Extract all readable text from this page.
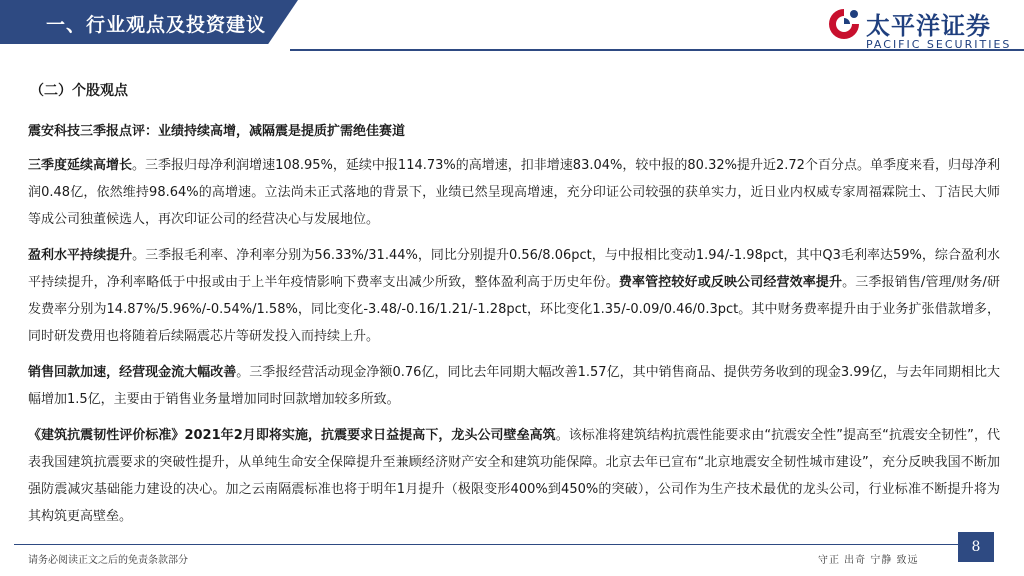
一、行业观点及投资建议	太平洋证券
PACIFIC SECURITIES
（二）个股观点

震安科技三季报点评：业绩持续高增，减隔震是提质扩需绝佳赛道

三季度延续高增长。三季报归母净利润增速108.95%，延续中报114.73%的高增速，扣非增速83.04%，较中报的80.32%提升近2.72个百分点。单季度来看，归母净利润0.48亿，依然维持98.64%的高增速。立法尚未正式落地的背景下，业绩已然呈现高增速，充分印证公司较强的获单实力，近日业内权威专家周福霖院士、丁洁民大师等成公司独董候选人，再次印证公司的经营决心与发展地位。

盈利水平持续提升。三季报毛利率、净利率分别为56.33%/31.44%，同比分别提升0.56/8.06pct，与中报相比变动1.94/-1.98pct，其中Q3毛利率达59%，综合盈利水平持续提升，净利率略低于中报或由于上半年疫情影响下费率支出减少所致，整体盈利高于历史年份。费率管控较好或反映公司经营效率提升。三季报销售/管理/财务/研发费率分别为14.87%/5.96%/-0.54%/1.58%，同比变化-3.48/-0.16/1.21/-1.28pct，环比变化1.35/-0.09/0.46/0.3pct。其中财务费率提升由于业务扩张借款增多，同时研发费用也将随着后续隔震芯片等研发投入而持续上升。

销售回款加速，经营现金流大幅改善。三季报经营活动现金净额0.76亿，同比去年同期大幅改善1.57亿，其中销售商品、提供劳务收到的现金3.99亿，与去年同期相比大幅增加1.5亿，主要由于销售业务量增加同时回款增加较多所致。

《建筑抗震韧性评价标准》2021年2月即将实施，抗震要求日益提高下，龙头公司壁垒高筑。该标准将建筑结构抗震性能要求由“抗震安全性”提高至“抗震安全韧性”，代表我国建筑抗震要求的突破性提升，从单纯生命安全保障提升至兼顾经济财产安全和建筑功能保障。北京去年已宣布“北京地震安全韧性城市建设”，充分反映我国不断加强防震减灾基础能力建设的决心。加之云南隔震标准也将于明年1月提升（极限变形400%到450%的突破），公司作为生产技术最优的龙头公司，行业标准不断提升将为其构筑更高壁垒。

请务必阅读正文之后的免责条款部分	守正 出奇 宁静 致远
8
